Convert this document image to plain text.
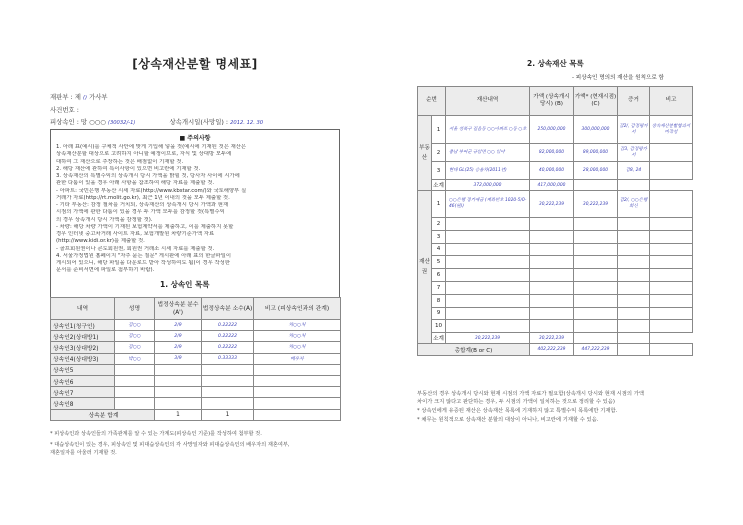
[상속재산분할 명세표]
재판부 : 제 () 가사부
사건번호 :
피상속인 : 망 ○○○ (30032/-1)	상속개시일(사망일) : 2012. 12. 30
■ 주의사항
1. 아래 표(예시)를 구체적 사안에 맞게 기입해 넣을 것(예시에 기재된 것은 재산은
상속재산분할 대상으로 고려하지 아니할 예정이므로, 자식 및 상대방 모두에
대하여 그 재산으로 주장하는 것은 배점없이 기재할 것.
2. 해당 재산에 관하여 특이사항이 있으면 비고란에 기재할 것.
3. 상속재산의 특별수익의 상속개시 당시 가액을 밝힐 것, 당사자 사이에 시가에
관한 다툼이 있을 경우 아래 사항을 참조하여 해당 자료를 제출할 것.
- 아파트: 국민은행 부동산 시세 자료(http://www.kbstar.com/)와 국토해양부 실
거래가 자료(http://rt.molit.go.kr), 최근 1년 이내의 것을 모두 제출할 것.
- 기타 부동산: 감정 절차를 거치되, 상속재산의 상속개시 당시 가액과 현재
시점의 가액에 관한 다툼이 있을 경우 두 가액 모두를 감정할 것(특별수익
의 경우 상속개시 당시 가액을 감정할 것).
- 차량: 해당 차량 가액이 기재된 보험계약서를 제출하고, 이를 제출하지 못할
경우 인터넷 중고차거래 사이트 자료, 보험개발원 차량기준가액 자료
(http://www.kidi.or.kr)를 제출할 것.
- 골프회원권이나 콘도회원권, 회원권 거래소 시세 자료를 제출할 것.
4. 서울가정법원 홈페이지 "자주 묻는 질문" 게시판에 아래 표의 한글파일이
게시되어 있으니, 해당 파일을 다운로드 받아 작성하여도 됨(이 경우 작성한
문서를 준비서면에 파일로 첨부하기 바람).
1. 상속인 목록
내역	성명	법정상속분 분수(A')	법정상속분 소수(A)	비고 (피상속인과의 관계)
상속인1(청구인)	김○○	2/9	0.22222	처○○처
상속인2(상대방1)	김○○	2/9	0.22222	처○○처
상속인3(상대방2)	김○○	2/9	0.22222	처○○처
상속인4(상대방3)	박○○	3/9	0.33333	배우자
상속인5				
상속인6				
상속인7				
상속인8				
상속분 합계		1	1	
* 피상속인과 상속인들의 가족관계를 알 수 있는 가계도(피상속인 기준)를 작성하여 첨부할 것.
* 대습상속인이 있는 경우, 피상속인 및 피대습상속인의 각 사망일자와 피대습상속인의 배우자의 재혼여부,
재혼일자를 아울러 기재할 것.
2. 상속재산 목록
- 피상속인 명의의 재산을 원칙으로 함
순번		재산내역	가액 (상속개시 당시) (B)	가액* (현재시점) (C)	증거	비고
부동산	1	서울 성북구 길음동 ○○아파트 ○동 ○호	250,000,000	300,000,000	갑2/, 감정평가서	상속재산분할협의서 미작성
	2	충남 부여군 규암면 ○○ 임야	82,000,000	89,000,000	갑3, 감정평가서	
	3	현대 GL(25) 승용차(2011년)	40,000,000	28,000,000	갑8, 24	
	소계	372,000,000	417,000,000			
재산권	1	○○은행 정기예금 (계좌번호 1020-5/0-46(원))	30,222,239	30,222,239	갑2/, ○○은행회신	
	2					
	3					
	4					
	5					
	6					
	7					
	8					
	9					
	10					
	소계	30,222,239	30,222,239			
총합계(B or C)			402,222,239	447,222,239		
부동산의 경우 상속개시 당시와 현재 시점의 가액 자료가 필요함(상속개시 당시와 현재 시점의 가액
차이가 크지 않다고 판단하는 경우, 두 시점의 가액이 일치하는 것으로 정리할 수 있음)
* 상속인에게 유증된 재산은 상속재산 목록에 기재하지 않고 특별수익 목록에만 기재함.
* 채무는 원칙적으로 상속재산 분할의 대상이 아니나, 비고란에 기재할 수 있음.
